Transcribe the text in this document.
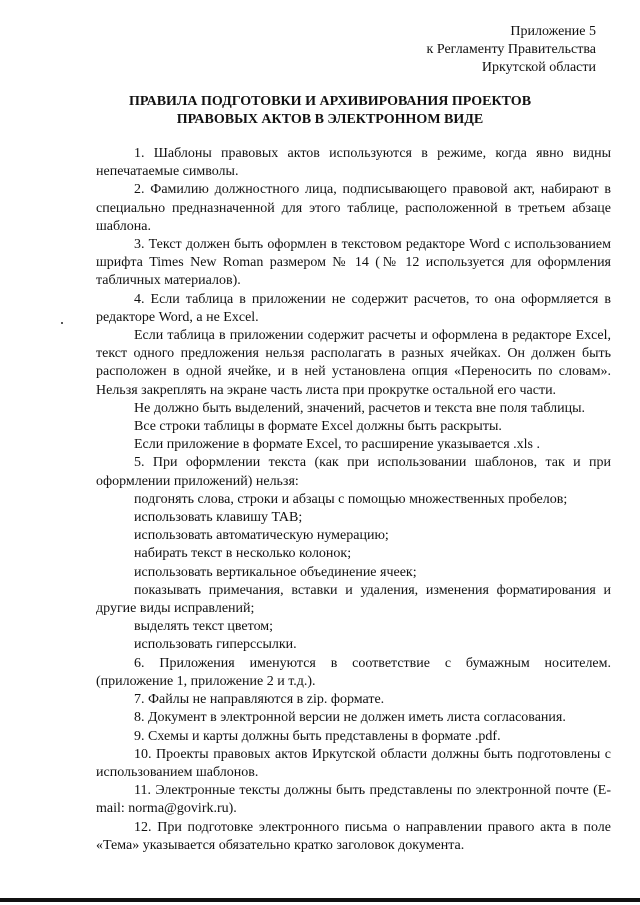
Приложение 5
к Регламенту Правительства
Иркутской области
ПРАВИЛА ПОДГОТОВКИ И АРХИВИРОВАНИЯ ПРОЕКТОВ
ПРАВОВЫХ АКТОВ В ЭЛЕКТРОННОМ ВИДЕ

1. Шаблоны правовых актов используются в режиме, когда явно видны непечатаемые символы.

2. Фамилию должностного лица, подписывающего правовой акт, набирают в специально предназначенной для этого таблице, расположенной в третьем абзаце шаблона.

3. Текст должен быть оформлен в текстовом редакторе Word с использованием шрифта Times New Roman размером № 14 (№ 12 используется для оформления табличных материалов).

4. Если таблица в приложении не содержит расчетов, то она оформляется в редакторе Word, а не Excel.

Если таблица в приложении содержит расчеты и оформлена в редакторе Excel, текст одного предложения нельзя располагать в разных ячейках. Он должен быть расположен в одной ячейке, и в ней установлена опция «Переносить по словам». Нельзя закреплять на экране часть листа при прокрутке остальной его части.

Не должно быть выделений, значений, расчетов и текста вне поля таблицы.

Все строки таблицы в формате Excel должны быть раскрыты.

Если приложение в формате Excel, то расширение указывается .xls .

5. При оформлении текста (как при использовании шаблонов, так и при оформлении приложений) нельзя:

подгонять слова, строки и абзацы с помощью множественных пробелов;

использовать клавишу TAB;

использовать автоматическую нумерацию;

набирать текст в несколько колонок;

использовать вертикальное объединение ячеек;

показывать примечания, вставки и удаления, изменения форматирования и другие виды исправлений;

выделять текст цветом;

использовать гиперссылки.

6. Приложения именуются в соответствие с бумажным носителем. (приложение 1, приложение 2 и т.д.).

7. Файлы не направляются в zip. формате.

8. Документ в электронной версии не должен иметь листа согласования.

9. Схемы и карты должны быть представлены в формате .pdf.

10. Проекты правовых актов Иркутской области должны быть подготовлены с использованием шаблонов.

11. Электронные тексты должны быть представлены по электронной почте (E-mail: norma@govirk.ru).

12. При подготовке электронного письма о направлении правого акта в поле «Тема» указывается обязательно кратко заголовок документа.
